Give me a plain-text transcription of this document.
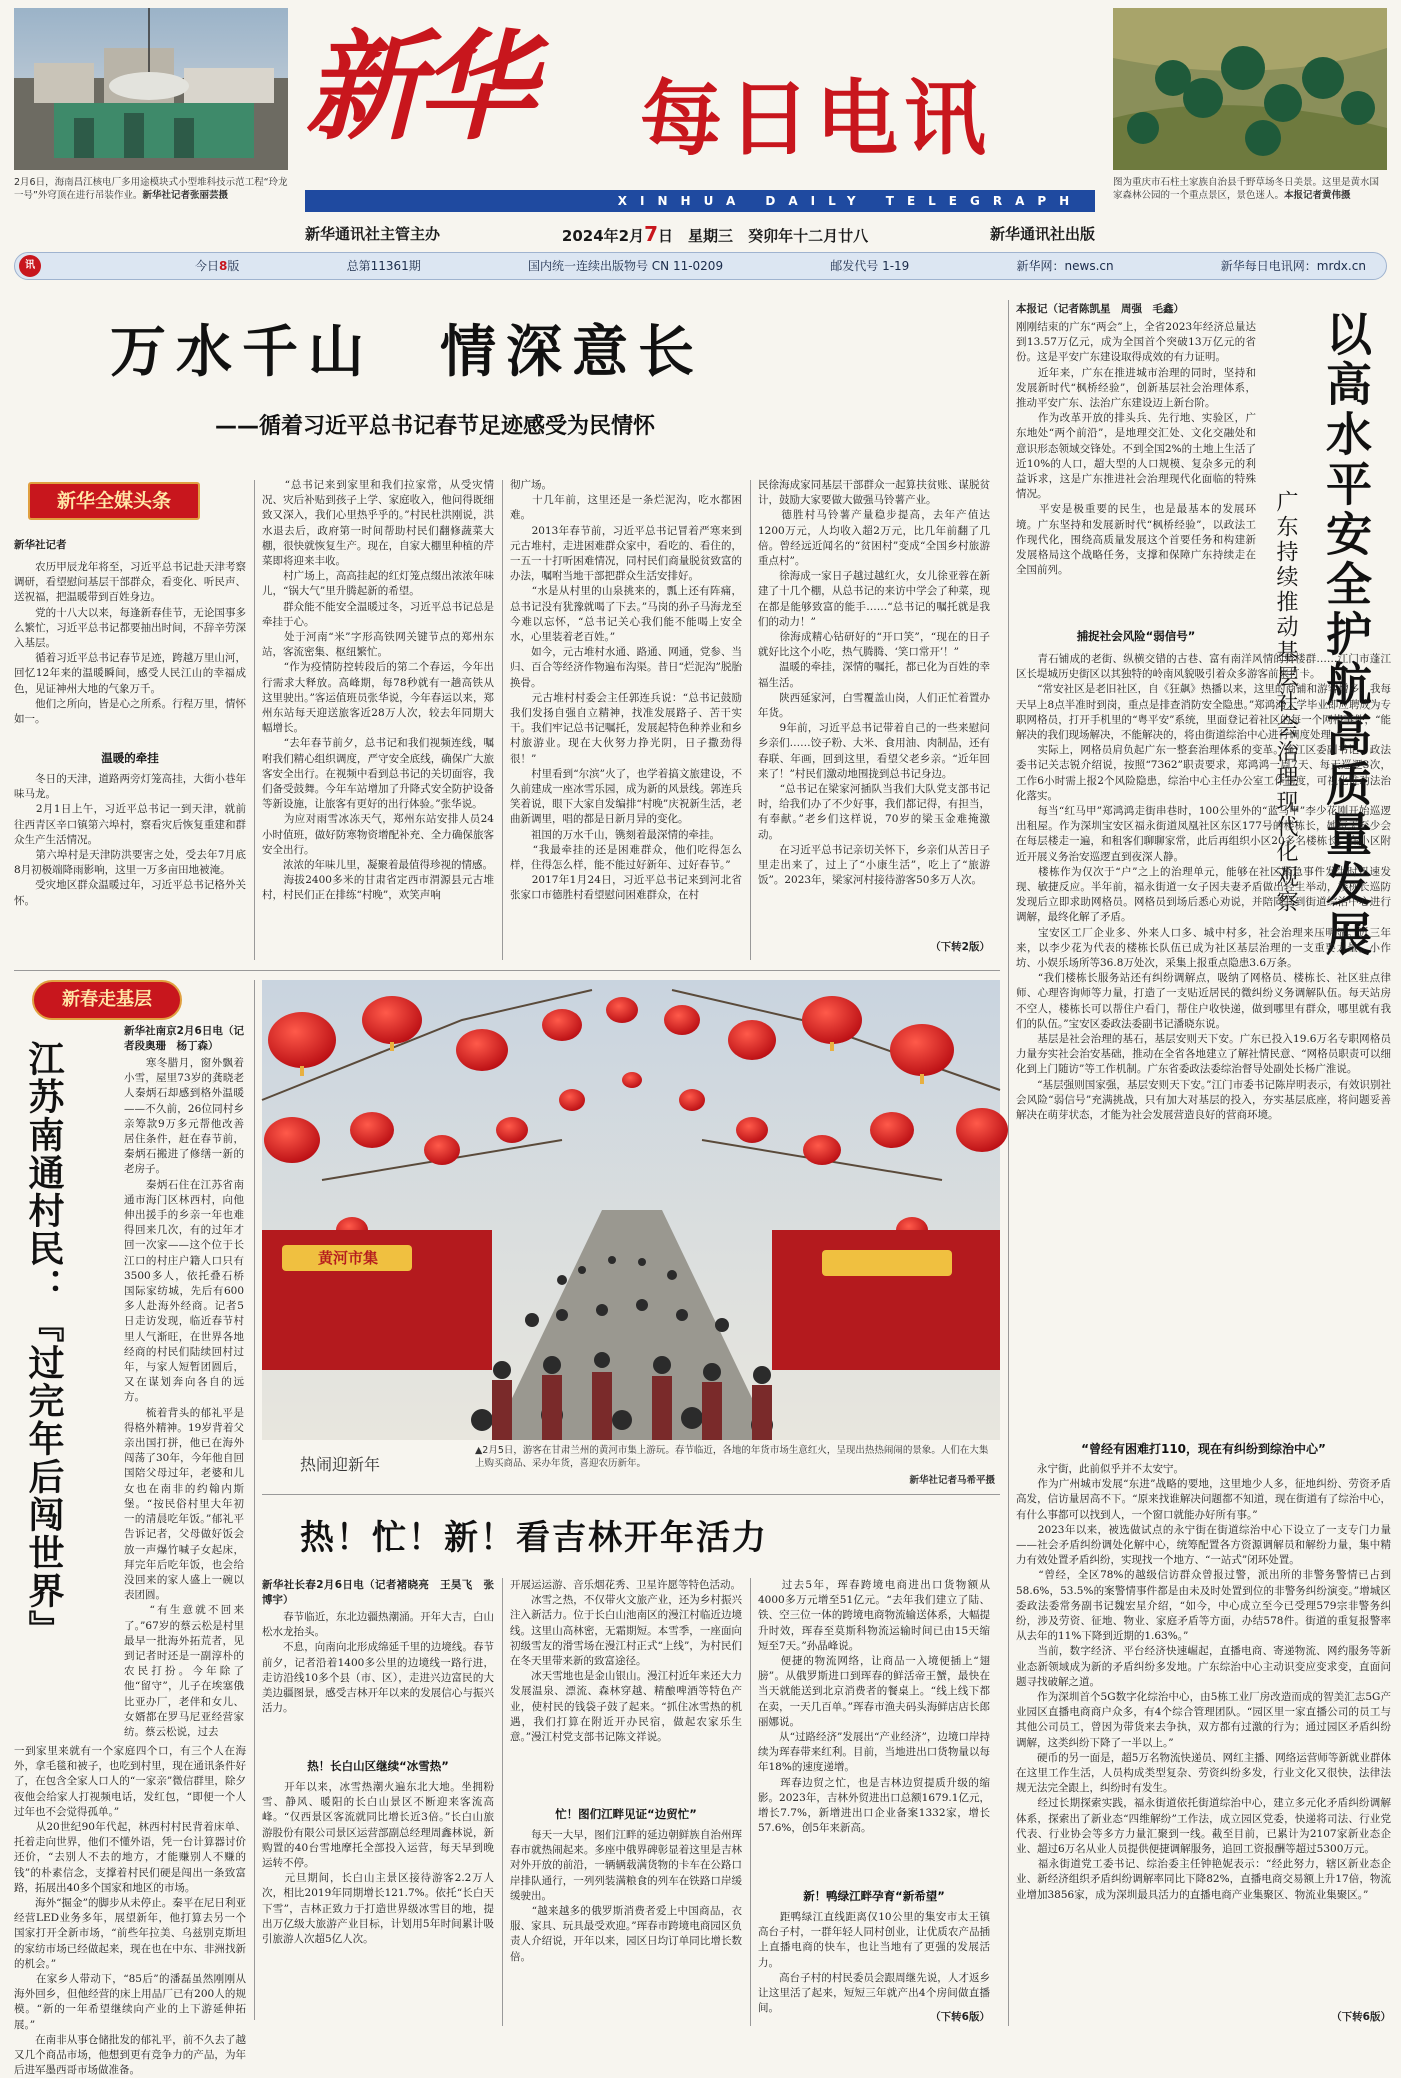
2月6日，海南昌江核电厂多用途模块式小型堆科技示范工程“玲龙一号”外穹顶在进行吊装作业。新华社记者张丽芸摄
新华 每日电讯
XINHUA DAILY TELEGRAPH
新华通讯社主管主办	2024年2月7日　 星期三　 癸卯年十二月廿八	新华通讯社出版
图为重庆市石柱土家族自治县千野草场冬日美景。这里是黄水国家森林公园的一个重点景区，景色迷人。本报记者黄伟摄
讯	今日8版	总第11361期	国内统一连续出版物号 CN 11-0209	邮发代号 1-19	新华网：news.cn	新华每日电讯网：mrdx.cn
万水千山　情深意长
——循着习近平总书记春节足迹感受为民情怀
新华全媒头条
新华社记者
　　农历甲辰龙年将至，习近平总书记赴天津考察调研，看望慰问基层干部群众，看变化、听民声、送祝福，把温暖带到百姓身边。
　　党的十八大以来，每逢新春佳节，无论国事多么繁忙，习近平总书记都要抽出时间，不辞辛劳深入基层。
　　循着习近平总书记春节足迹，跨越万里山河，回忆12年来的温暖瞬间，感受人民江山的幸福成色，见证神州大地的气象万千。
　　他们之所向，皆是心之所系。行程万里，情怀如一。
温暖的牵挂
　　冬日的天津，道路两旁灯笼高挂，大街小巷年味马龙。
　　2月1日上午，习近平总书记一到天津，就前往西青区辛口镇第六埠村，察看灾后恢复重建和群众生产生活情况。
　　第六埠村是天津防洪要害之处，受去年7月底8月初极端降雨影响，这里一万多亩田地被淹。
　　受灾地区群众温暖过年，习近平总书记格外关怀。
　　“总书记来到家里和我们拉家常，从受灾情况、灾后补贴到孩子上学、家庭收入，他问得既细致又深入，我们心里热乎乎的。”村民杜洪刚说，洪水退去后，政府第一时间帮助村民们翻修蔬菜大棚，很快就恢复生产。现在，自家大棚里种植的芹菜即将迎来丰收。
　　村广场上，高高挂起的红灯笼点缀出浓浓年味儿，“锅大气”里升腾起新的希望。
　　群众能不能安全温暖过冬，习近平总书记总是牵挂于心。
　　处于河南“米”字形高铁网关键节点的郑州东站，客流密集、枢纽繁忙。
　　“作为疫情防控转段后的第二个春运，今年出行需求大释放。高峰期，每78秒就有一趟高铁从这里驶出。”客运值班员张华说，今年春运以来，郑州东站每天迎送旅客近28万人次，较去年同期大幅增长。
　　“去年春节前夕，总书记和我们视频连线，嘱咐我们精心组织调度，严守安全底线，确保广大旅客安全出行。在视频中看到总书记的关切面容，我们备受鼓舞。今年车站增加了升降式安全防护设备等新设施，让旅客有更好的出行体验。”张华说。
　　为应对雨雪冰冻天气，郑州东站安排人员24小时值班，做好防寒物资增配补充、全力确保旅客安全出行。
　　浓浓的年味儿里，凝聚着最值得珍视的情感。
　　海拔2400多米的甘肃省定西市渭源县元古堆村，村民们正在排练“村晚”，欢笑声响
彻广场。
　　十几年前，这里还是一条烂泥沟，吃水都困难。
　　2013年春节前，习近平总书记冒着严寒来到元古堆村，走进困难群众家中，看吃的、看住的，一五一十打听困难情况，同村民们商量脱贫致富的办法，嘱咐当地干部把群众生活安排好。
　　“水是从村里的山泉挑来的，瓢上还有阵痛，总书记没有犹豫就喝了下去。”马岗的孙子马海龙至今难以忘怀，“总书记关心我们能不能喝上安全水，心里装着老百姓。”
　　如今，元古堆村水通、路通、网通，党参、当归、百合等经济作物遍布沟渠。昔日“烂泥沟”脱胎换骨。
　　元古堆村村委会主任郭连兵说：“总书记鼓励我们发扬自强自立精神，找准发展路子、苦干实干。我们牢记总书记嘱托，发展起特色种养业和乡村旅游业。现在大伙努力挣光阴，日子撒劲得很！”
　　村里看到“尔滨”火了，也学着搞文旅建设，不久前建成一座冰雪乐园，成为新的风景线。郭连兵笑着说，眼下大家自发编排“村晚”庆祝新生活，老曲新调里，唱的都是日新月异的变化。
　　祖国的万水千山，镌刻着最深情的牵挂。
　　“我最牵挂的还是困难群众，他们吃得怎么样，住得怎么样，能不能过好新年、过好春节。”
　　2017年1月24日，习近平总书记来到河北省张家口市德胜村看望慰问困难群众，在村
民徐海成家同基层干部群众一起算扶贫账、谋脱贫计，鼓励大家要做大做强马铃薯产业。
　　德胜村马铃薯产量稳步提高，去年产值达1200万元，人均收入超2万元，比几年前翻了几倍。曾经远近闻名的“贫困村”变成“全国乡村旅游重点村”。
　　徐海成一家日子越过越红火，女儿徐亚蓉在新建了十几个棚，从总书记的来访中学会了种菜，现在都是能够致富的能手……“总书记的嘱托就是我们的动力！”
　　徐海成精心钻研好的“开口笑”，“现在的日子就好比这个小吃，热气腾腾、‘笑口常开’！”
　　温暖的牵挂，深情的嘱托，都已化为百姓的幸福生活。
　　陕西延家河，白雪覆盖山岗，人们正忙着置办年货。
　　9年前，习近平总书记带着自己的一些来慰问乡亲们……饺子粉、大米、食用油、肉制品，还有春联、年画，回到这里，看望父老乡亲。“近年回来了！”村民们激动地围拢到总书记身边。
　　“总书记在梁家河插队当我们大队党支部书记时，给我们办了不少好事，我们都记得，有担当，有奉献。”老乡们这样说，70岁的梁玉金难掩激动。
　　在习近平总书记亲切关怀下，乡亲们从苦日子里走出来了，过上了“小康生活”，吃上了“旅游饭”。2023年，梁家河村接待游客50多万人次。
（下转2版）
新春走基层
江苏南通村民：『过完年后闯世界』
新华社南京2月6日电（记者段奥珊　杨丁森）
　　寒冬腊月，窗外飘着小雪，屋里73岁的龚晓老人秦炳石却感到格外温暖——不久前，26位同村乡亲筹款9万多元帮他改善居住条件，赶在春节前，秦炳石搬进了修缮一新的老房子。
　　秦炳石住在江苏省南通市海门区林西村，向他伸出援手的乡亲一年也难得回来几次，有的过年才回一次家——这个位于长江口的村庄户籍人口只有3500多人，依托叠石桥国际家纺城，先后有600多人赴海外经商。记者5日走访发现，临近春节村里人气渐旺，在世界各地经商的村民们陆续回村过年，与家人短暂团圆后，又在谋划奔向各自的远方。
　　梳着背头的郁礼平是得格外精神。19岁背着父亲出国打拼，他已在海外闯荡了30年，今年他自回国陪父母过年，老婆和儿女也在南非的约翰内斯堡。“按民俗村里大年初一的清晨吃年饭。”郁礼平告诉记者，父母做好饭会放一声爆竹喊子女起床，拜完年后吃年饭，也会给没回来的家人盛上一碗以表团圆。
　　“有生意就不回来了。”67岁的蔡云松是村里最早一批海外拓荒者，见到记者时还是一副淳朴的农民打扮。今年除了他“留守”，儿子在埃塞俄比亚办厂，老伴和女儿、女婿都在罗马尼亚经营家纺。蔡云松说，过去
一到家里来就有一个家庭四个口，有三个人在海外，拿毛毯和被子，也吃到村里，现在通讯条件好了，在包含全家人口人的“一家亲”微信群里，除夕夜他会给家人打视频电话，发红包，“即便一个人过年也不会觉得孤单。”
　　从20世纪90年代起，林西村村民背着床单、托着走向世界，他们不懂外语，凭一台计算器讨价还价，“去别人不去的地方，才能赚别人不赚的钱”的朴素信念，支撑着村民们硬是闯出一条致富路，拓展出40多个国家和地区的市场。
　　海外“掘金”的脚步从未停止。秦平在尼日利亚经营LED业务多年，展望新年，他打算去另一个国家打开全新市场，“前些年拉美、乌兹别克斯坦的家纺市场已经做起来，现在也在中东、非洲找新的机会。”
　　在家乡人带动下，“85后”的潘磊虽然刚刚从海外回乡，但他经营的床上用品厂已有200人的规模。“新的一年希望继续向产业的上下游延伸拓展。”
　　在南非从事仓储批发的郁礼平，前不久去了越又几个商品市场，他想到更有竞争力的产品，为年后进军墨西哥市场做准备。
黄河市集
热闹迎新年
▲2月5日，游客在甘肃兰州的黄河市集上游玩。春节临近，各地的年货市场生意红火，呈现出热热闹闹的景象。人们在大集上购买商品、采办年货，喜迎农历新年。
新华社记者马希平摄
热！忙！新！看吉林开年活力
新华社长春2月6日电（记者褚晓亮　王昊飞　张博宇）
　　春节临近，东北边疆热潮涌。开年大吉，白山松水龙抬头。
　　不息，向南向北形成绵延千里的边境线。春节前夕，记者沿着1400多公里的边境线一路行进，走访沿线10多个县（市、区），走进兴边富民的大美边疆图景，感受吉林开年以来的发展信心与振兴活力。
热！长白山区继续“冰雪热”
　　开年以来，冰雪热潮火遍东北大地。坐拥粉雪、静风、暖阳的长白山景区不断迎来客流高峰。“仅西景区客流就同比增长近3倍。”长白山旅游股份有限公司景区运营部副总经理周鑫林说，新购置的40台雪地摩托全部投入运营，每天早到晚运转不停。
　　元旦期间，长白山主景区接待游客2.2万人次，相比2019年同期增长121.7%。依托“长白天下雪”，吉林正致力于打造世界级冰雪目的地，提出万亿级大旅游产业目标，计划用5年时间累计吸引旅游人次超5亿人次。
开展运运游、音乐烟花秀、卫星许愿等特色活动。
　　冰雪之热，不仅带火文旅产业，还为乡村振兴注入新活力。位于长白山池南区的漫江村临近边境线。这里山高林密，无霜期短。本雪季，一座面向初级雪友的滑雪场在漫江村正式“上线”，为村民们在冬天里带来新的致富途径。
　　冰天雪地也是金山银山。漫江村近年来还大力发展温泉、漂流、森林穿越、精酿啤酒等特色产业，使村民的钱袋子鼓了起来。“抓住冰雪热的机遇，我们打算在附近开办民宿，做起农家乐生意。”漫江村党支部书记陈文祥说。
忙！图们江畔见证“边贸忙”
　　每天一大早，图们江畔的延边朝鲜族自治州珲春市就热闹起来。多座中俄界碑彰显着这里是吉林对外开放的前沿，一辆辆载满货物的卡车在公路口岸排队通行，一列列装满粮食的列车在铁路口岸缓缓驶出。
　　“越来越多的俄罗斯消费者爱上中国商品，衣服、家具、玩具最受欢迎。”珲春市跨境电商园区负责人介绍说，开年以来，园区日均订单同比增长数倍。
　　过去5年，珲春跨境电商进出口货物额从4000多万元增至51亿元。“去年我们建立了陆、铁、空三位一体的跨境电商物流输送体系，大幅提升时效，珲春至莫斯科物流运输时间已由15天缩短至7天。”孙晶峰说。
　　便捷的物流网络，让商品一入境便插上“翅膀”。从俄罗斯进口到珲春的鲜活帝王蟹，最快在当天就能送到北京消费者的餐桌上。“线上线下都在卖，一天几百单。”珲春市渔夫码头海鲜店店长郎丽娜说。
　　从“过路经济”发展出“产业经济”，边境口岸持续为珲春带来红利。目前，当地进出口货物量以每年18%的速度递增。
　　珲春边贸之忙，也是吉林边贸提质升级的缩影。2023年，吉林外贸进出口总额1679.1亿元，增长7.7%，新增进出口企业备案1332家，增长57.6%，创5年来新高。
新！鸭绿江畔孕育“新希望”
　　距鸭绿江直线距离仅10公里的集安市太王镇高台子村，一群年轻人同村创业，让优质农产品插上直播电商的快车，也让当地有了更强的发展活力。
　　高台子村的村民委员会跟周继先说，人才返乡让这里活了起来，短短三年就产出4个房间做直播间。
（下转6版）
以高水平安全护航高质量发展
广东持续推动基层社会治理现代化观察
本报记（记者陈凯星　周强　毛鑫）
刚刚结束的广东“两会”上，全省2023年经济总量达到13.57万亿元，成为全国首个突破13万亿元的省份。这是平安广东建设取得成效的有力证明。
　　近年来，广东在推进城市治理的同时，坚持和发展新时代“枫桥经验”，创新基层社会治理体系，推动平安广东、法治广东建设迈上新台阶。
　　作为改革开放的排头兵、先行地、实验区，广东地处“两个前沿”，是地理交汇处、文化交融处和意识形态领域交锋处。不到全国2%的土地上生活了近10%的人口，超大型的人口规模、复杂多元的利益诉求，这是广东推进社会治理现代化面临的特殊情况。
　　平安是极重要的民生，也是最基本的发展环境。广东坚持和发展新时代“枫桥经验”，以政法工作现代化，围绕高质量发展这个首要任务和构建新发展格局这个战略任务，支撑和保障广东持续走在全国前列。
捕捉社会风险“弱信号”
　　青石铺成的老街、纵横交错的古巷、富有南洋风情的骑楼群……江门市蓬江区长堤城历史街区以其独特的岭南风貌吸引着众多游客前来打卡。
　　“常安社区是老旧社区，自《狂飙》热播以来，这里的商铺和游客增多。我每天早上8点半准时到岗，重点是排查消防安全隐患。”郑鸿鸿大学毕业即应聘成为专职网格员，打开手机里的“粤平安”系统，里面登记着社区的每一个网格事件，“能解决的我们现场解决，不能解决的，将由街道综治中心进行调度处理。”
　　实际上，网格员肩负起广东一整套治理体系的变革。蓬江区委副书记、政法委书记关志锐介绍说，按照“7362”职责要求，郑鸿鸿一周7天、每天巡逻3次，工作6小时需上报2个风险隐患，综治中心主任办公室工作制度，可视化推动法治化落实。
　　每当“红马甲”郑鸿鸿走街串巷时，100公里外的“蓝马甲”李少花刚开始巡逻出租屋。作为深圳宝安区福永街道凤凰社区东区177号的楼栋长，她每天至少会在每层楼走一遍，和租客们聊聊家常，此后再组织小区20多名楼栋长，在小区附近开展义务治安巡逻直到夜深人静。
　　楼栋作为仅次于“户”之上的治理单元，能够在社区紧急事件发生时迅速发现、敏捷反应。半年前，福永街道一女子因夫妻矛盾做出轻生举动，楼栋长巡防发现后立即求助网格员。网格员到场后悉心劝说，并陪同其到街道综治中心进行调解，最终化解了矛盾。
　　宝安区工厂企业多、外来人口多、城中村多，社会治理来压明显。近三年来，以李少花为代表的楼栋长队伍已成为社区基层治理的一支重要力量。小作坊、小娱乐场所等36.8万处次，采集上报重点隐患3.6万条。
　　“我们楼栋长服务站还有纠纷调解点，吸纳了网格员、楼栋长、社区驻点律师、心理咨询师等力量，打造了一支贴近居民的微纠纷义务调解队伍。每天站房不空人，楼栋长可以帮住户看门，帮住户收快递，做到哪里有群众，哪里就有我们的队伍。”宝安区委政法委副书记潘晓东说。
　　基层是社会治理的基石，基层安则天下安。广东已投入19.6万名专职网格员力量夯实社会治安基础，推动在全省各地建立了解社情民意、“网格员职责可以细化到上门随访”等工作机制。广东省委政法委综治督导处副处长杨广淮说。
　　“基层强则国家强，基层安则天下安。”江门市委书记陈岸明表示，有效识别社会风险“弱信号”充满挑战，只有加大对基层的投入，夯实基层底座，将问题妥善解决在萌芽状态，才能为社会发展营造良好的营商环境。
“曾经有困难打110，现在有纠纷到综治中心”
　　永宁街，此前似乎并不太安宁。
　　作为广州城市发展“东进”战略的要地，这里地少人多，征地纠纷、劳资矛盾高发，信访量居高不下。“原来找谁解决问题都不知道，现在街道有了综治中心，有什么事都可以找到人，一个窗口就能办好所有事。”
　　2023年以来，被选做试点的永宁街在街道综治中心下设立了一支专门力量——社会矛盾纠纷调处化解中心，统筹配置各方资源调解员和解纷力量，集中精力有效处置矛盾纠纷，实现找一个地方、“一站式”闭环处置。
　　“曾经，全区78%的越级信访群众曾报过警，派出所的非警务警情已占到58.6%，53.5%的案警情事件都是由未及时处置到位的非警务纠纷演变。”增城区委政法委常务副书记魏宏星介绍，“如今，中心成立至今已受理579宗非警务纠纷，涉及劳资、征地、物业、家庭矛盾等方面，办结578件。街道的重复报警率从去年的11%下降到近期的1.63%。”
　　当前，数字经济、平台经济快速崛起，直播电商、寄递物流、网约服务等新业态新领域成为新的矛盾纠纷多发地。广东综治中心主动识变应变求变，直面问题寻找破解之道。
　　作为深圳首个5G数字化综治中心，由5栋工业厂房改造而成的智美汇志5G产业园区直播电商商户众多，有4个综合管理团队。“园区里一家直播公司的员工与其他公司员工，曾因为带货来去争执，双方都有过激的行为；通过园区矛盾纠纷调解，这类纠纷下降了一半以上。”
　　硬币的另一面是，超5万名物流快递员、网红主播、网络运营师等新就业群体在这里工作生活，人员构成类型复杂、劳资纠纷多发，行业文化又很快，法律法规无法完全跟上，纠纷时有发生。
　　经过长期探索实践，福永街道依托街道综治中心，建立多元化矛盾纠纷调解体系，探索出了新业态“四维解纷”工作法，成立园区党委，快递将司法、行业党代表、行业协会等多方力量汇聚到一线。截至目前，已累计为2107家新业态企业、超过6万名从业人员提供便捷调解服务，追回工资报酬等超过5300万元。
　　福永街道党工委书记、综治委主任钟艳妮表示：“经此努力，辖区新业态企业、新经济组织矛盾纠纷调解率同比下降82%，直播电商交易额上升17倍，物流业增加3856家，成为深圳最具活力的直播电商产业集聚区、物流业集聚区。”
（下转6版）
